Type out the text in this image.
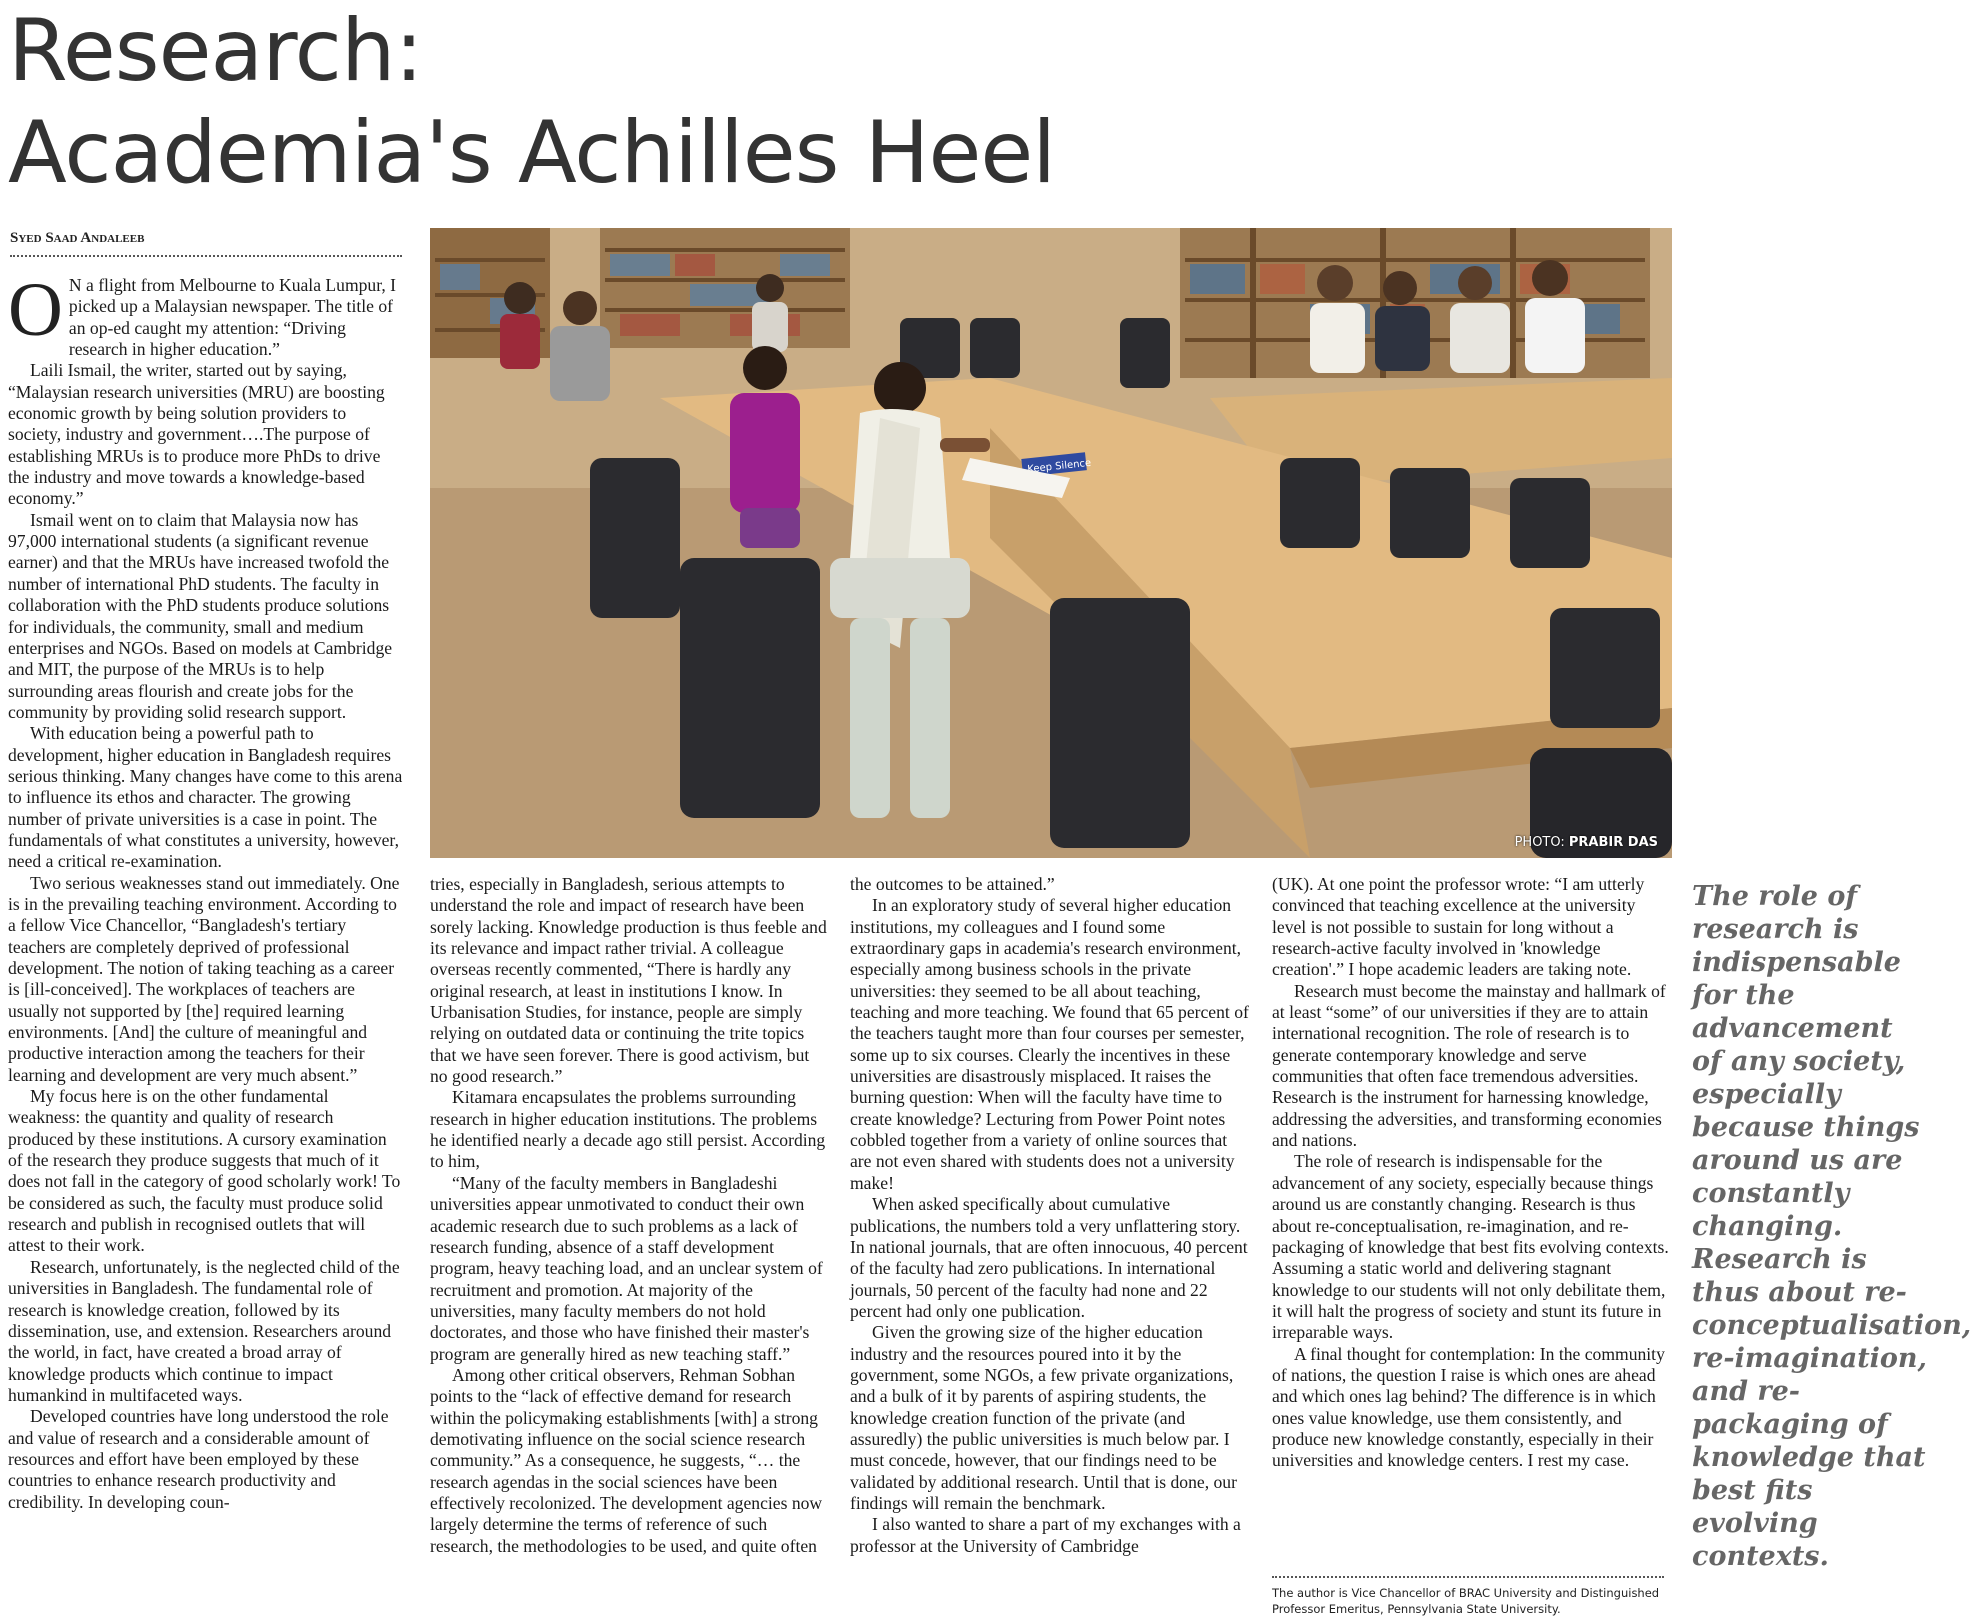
Research:
Academia's Achilles Heel
Syed Saad Andaleeb
Keep Silence
PHOTO: PRABIR DAS

O N a flight from Melbourne to Kuala Lumpur, I picked up a Malaysian newspaper. The title of an op-ed caught my attention: “Driving research in higher education.”

Laili Ismail, the writer, started out by saying, “Malaysian research universities (MRU) are boosting economic growth by being solution providers to society, industry and government….The purpose of establishing MRUs is to produce more PhDs to drive the industry and move towards a knowledge-based economy.”

Ismail went on to claim that Malaysia now has 97,000 international students (a significant revenue earner) and that the MRUs have increased twofold the number of international PhD students. The faculty in collaboration with the PhD students produce solutions for individuals, the community, small and medium enterprises and NGOs. Based on models at Cambridge and MIT, the purpose of the MRUs is to help surrounding areas flourish and create jobs for the community by providing solid research support.

With education being a powerful path to development, higher education in Bangladesh requires serious thinking. Many changes have come to this arena to influence its ethos and character. The growing number of private universities is a case in point. The fundamentals of what constitutes a university, however, need a critical re-examination.

Two serious weaknesses stand out immediately. One is in the prevailing teaching environment. According to a fellow Vice Chancellor, “Bangladesh's tertiary teachers are completely deprived of professional development. The notion of taking teaching as a career is [ill-conceived]. The workplaces of teachers are usually not supported by [the] required learning environments. [And] the culture of meaningful and productive interaction among the teachers for their learning and development are very much absent.”

My focus here is on the other fundamental weakness: the quantity and quality of research produced by these institutions. A cursory examination of the research they produce suggests that much of it does not fall in the category of good scholarly work! To be considered as such, the faculty must produce solid research and publish in recognised outlets that will attest to their work.

Research, unfortunately, is the neglected child of the universities in Bangladesh. The fundamental role of research is knowledge creation, followed by its dissemination, use, and extension. Researchers around the world, in fact, have created a broad array of knowledge products which continue to impact humankind in multifaceted ways.

Developed countries have long understood the role and value of research and a considerable amount of resources and effort have been employed by these countries to enhance research productivity and credibility. In developing coun-

tries, especially in Bangladesh, serious attempts to understand the role and impact of research have been sorely lacking. Knowledge production is thus feeble and its relevance and impact rather trivial. A colleague overseas recently commented, “There is hardly any original research, at least in institutions I know. In Urbanisation Studies, for instance, people are simply relying on outdated data or continuing the trite topics that we have seen forever. There is good activism, but no good research.”

Kitamara encapsulates the problems surrounding research in higher education institutions. The problems he identified nearly a decade ago still persist. According to him,

“Many of the faculty members in Bangladeshi universities appear unmotivated to conduct their own academic research due to such problems as a lack of research funding, absence of a staff development program, heavy teaching load, and an unclear system of recruitment and promotion. At majority of the universities, many faculty members do not hold doctorates, and those who have finished their master's program are generally hired as new teaching staff.”

Among other critical observers, Rehman Sobhan points to the “lack of effective demand for research within the policymaking establishments [with] a strong demotivating influence on the social science research community.” As a consequence, he suggests, “… the research agendas in the social sciences have been effectively recolonized. The development agencies now largely determine the terms of reference of such research, the methodologies to be used, and quite often

the outcomes to be attained.”

In an exploratory study of several higher education institutions, my colleagues and I found some extraordinary gaps in academia's research environment, especially among business schools in the private universities: they seemed to be all about teaching, teaching and more teaching. We found that 65 percent of the teachers taught more than four courses per semester, some up to six courses. Clearly the incentives in these universities are disastrously misplaced. It raises the burning question: When will the faculty have time to create knowledge? Lecturing from Power Point notes cobbled together from a variety of online sources that are not even shared with students does not a university make!

When asked specifically about cumulative publications, the numbers told a very unflattering story. In national journals, that are often innocuous, 40 percent of the faculty had zero publications. In international journals, 50 percent of the faculty had none and 22 percent had only one publication.

Given the growing size of the higher education industry and the resources poured into it by the government, some NGOs, a few private organizations, and a bulk of it by parents of aspiring students, the knowledge creation function of the private (and assuredly) the public universities is much below par. I must concede, however, that our findings need to be validated by additional research. Until that is done, our findings will remain the benchmark.

I also wanted to share a part of my exchanges with a professor at the University of Cambridge

(UK). At one point the professor wrote: “I am utterly convinced that teaching excellence at the university level is not possible to sustain for long without a research-active faculty involved in 'knowledge creation'.” I hope academic leaders are taking note.

Research must become the mainstay and hallmark of at least “some” of our universities if they are to attain international recognition. The role of research is to generate contemporary knowledge and serve communities that often face tremendous adversities. Research is the instrument for harnessing knowledge, addressing the adversities, and transforming economies and nations.

The role of research is indispensable for the advancement of any society, especially because things around us are constantly changing. Research is thus about re-conceptualisation, re-imagination, and re-packaging of knowledge that best fits evolving contexts. Assuming a static world and delivering stagnant knowledge to our students will not only debilitate them, it will halt the progress of society and stunt its future in irreparable ways.

A final thought for contemplation: In the community of nations, the question I raise is which ones are ahead and which ones lag behind? The difference is in which ones value knowledge, use them consistently, and produce new knowledge constantly, especially in their universities and knowledge centers. I rest my case.

The author is Vice Chancellor of BRAC University and Distinguished Professor Emeritus, Pennsylvania State University.
The role of research is indispensable for the advancement of any society, especially because things around us are constantly changing. Research is thus about re-conceptualisation, re-imagination, and re-packaging of knowledge that best fits evolving contexts.
